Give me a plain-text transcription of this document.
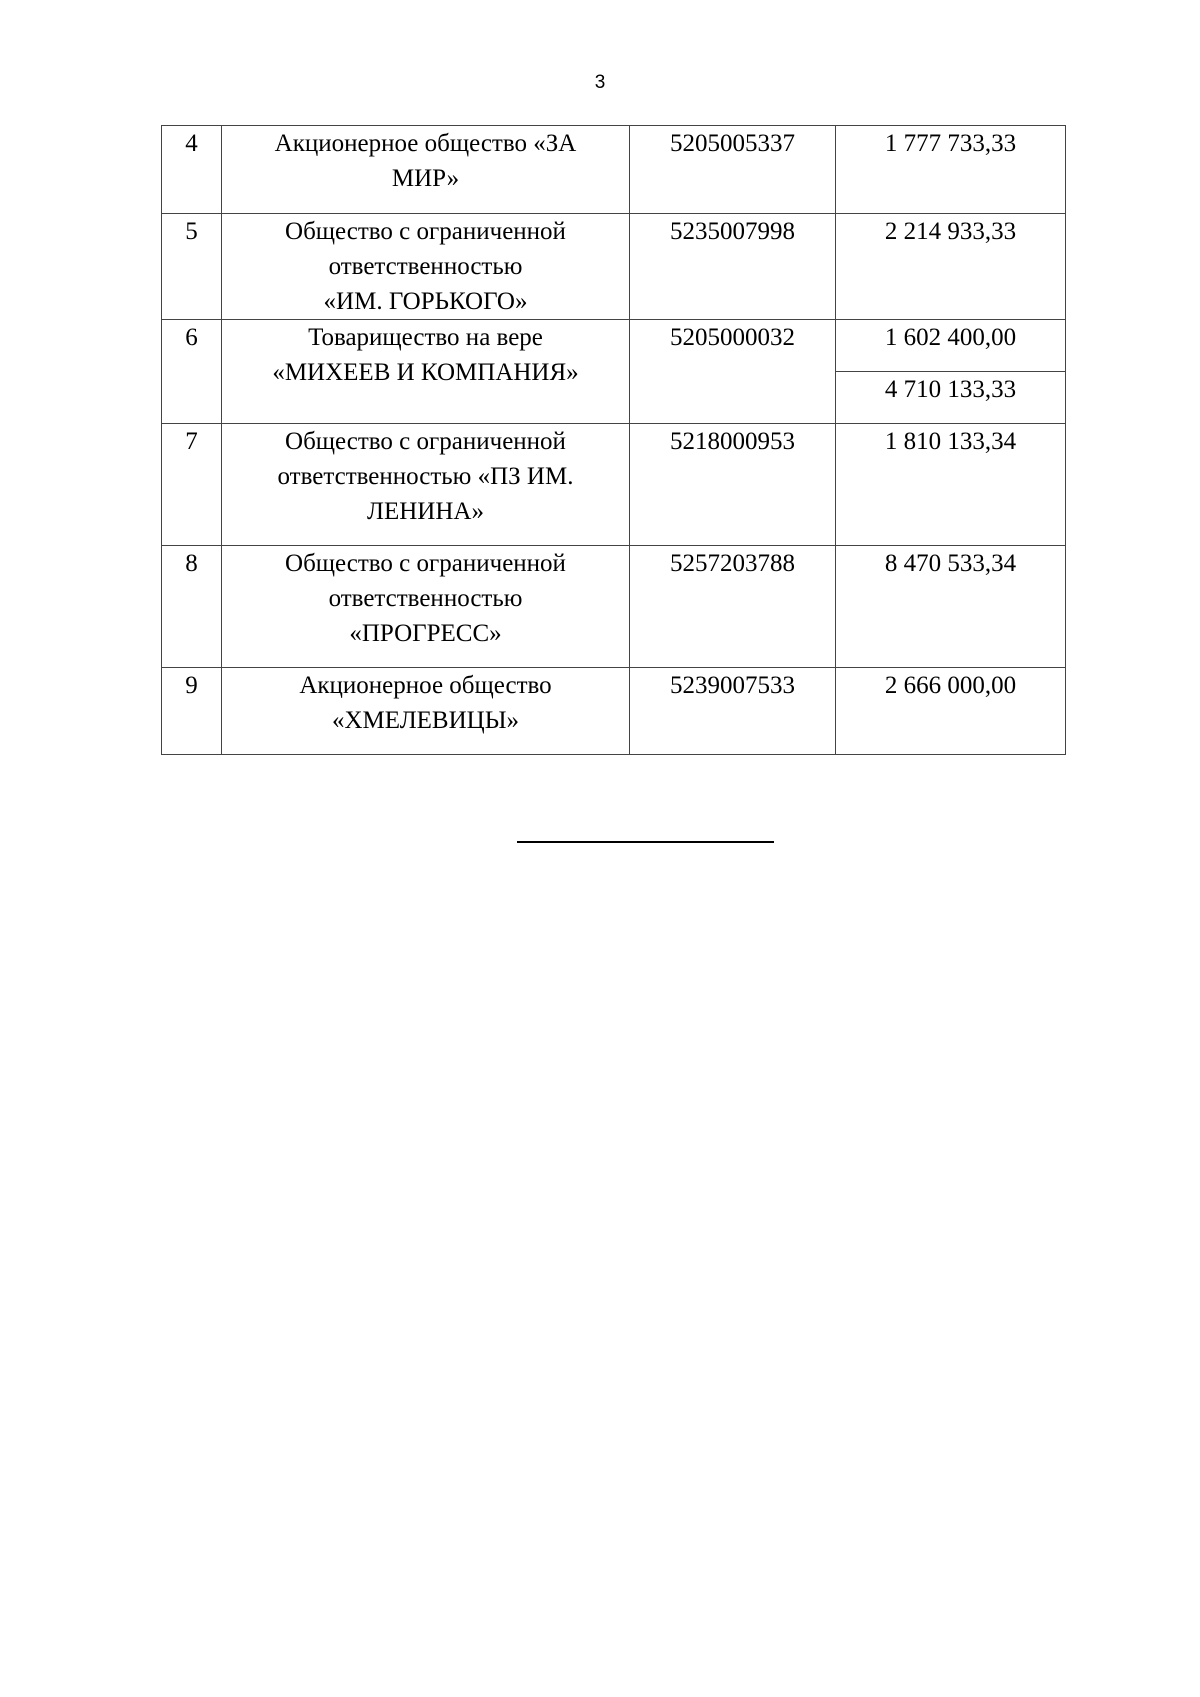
3
4	Акционерное общество «ЗА
МИР»	5205005337	1 777 733,33
5	Общество с ограниченной
ответственностью
«ИМ. ГОРЬКОГО»	5235007998	2 214 933,33
6	Товарищество на вере
«МИХЕЕВ И КОМПАНИЯ»	5205000032	1 602 400,00
			4 710 133,33
7	Общество с ограниченной
ответственностью «ПЗ ИМ.
ЛЕНИНА»	5218000953	1 810 133,34
8	Общество с ограниченной
ответственностью
«ПРОГРЕСС»	5257203788	8 470 533,34
9	Акционерное общество
«ХМЕЛЕВИЦЫ»	5239007533	2 666 000,00
